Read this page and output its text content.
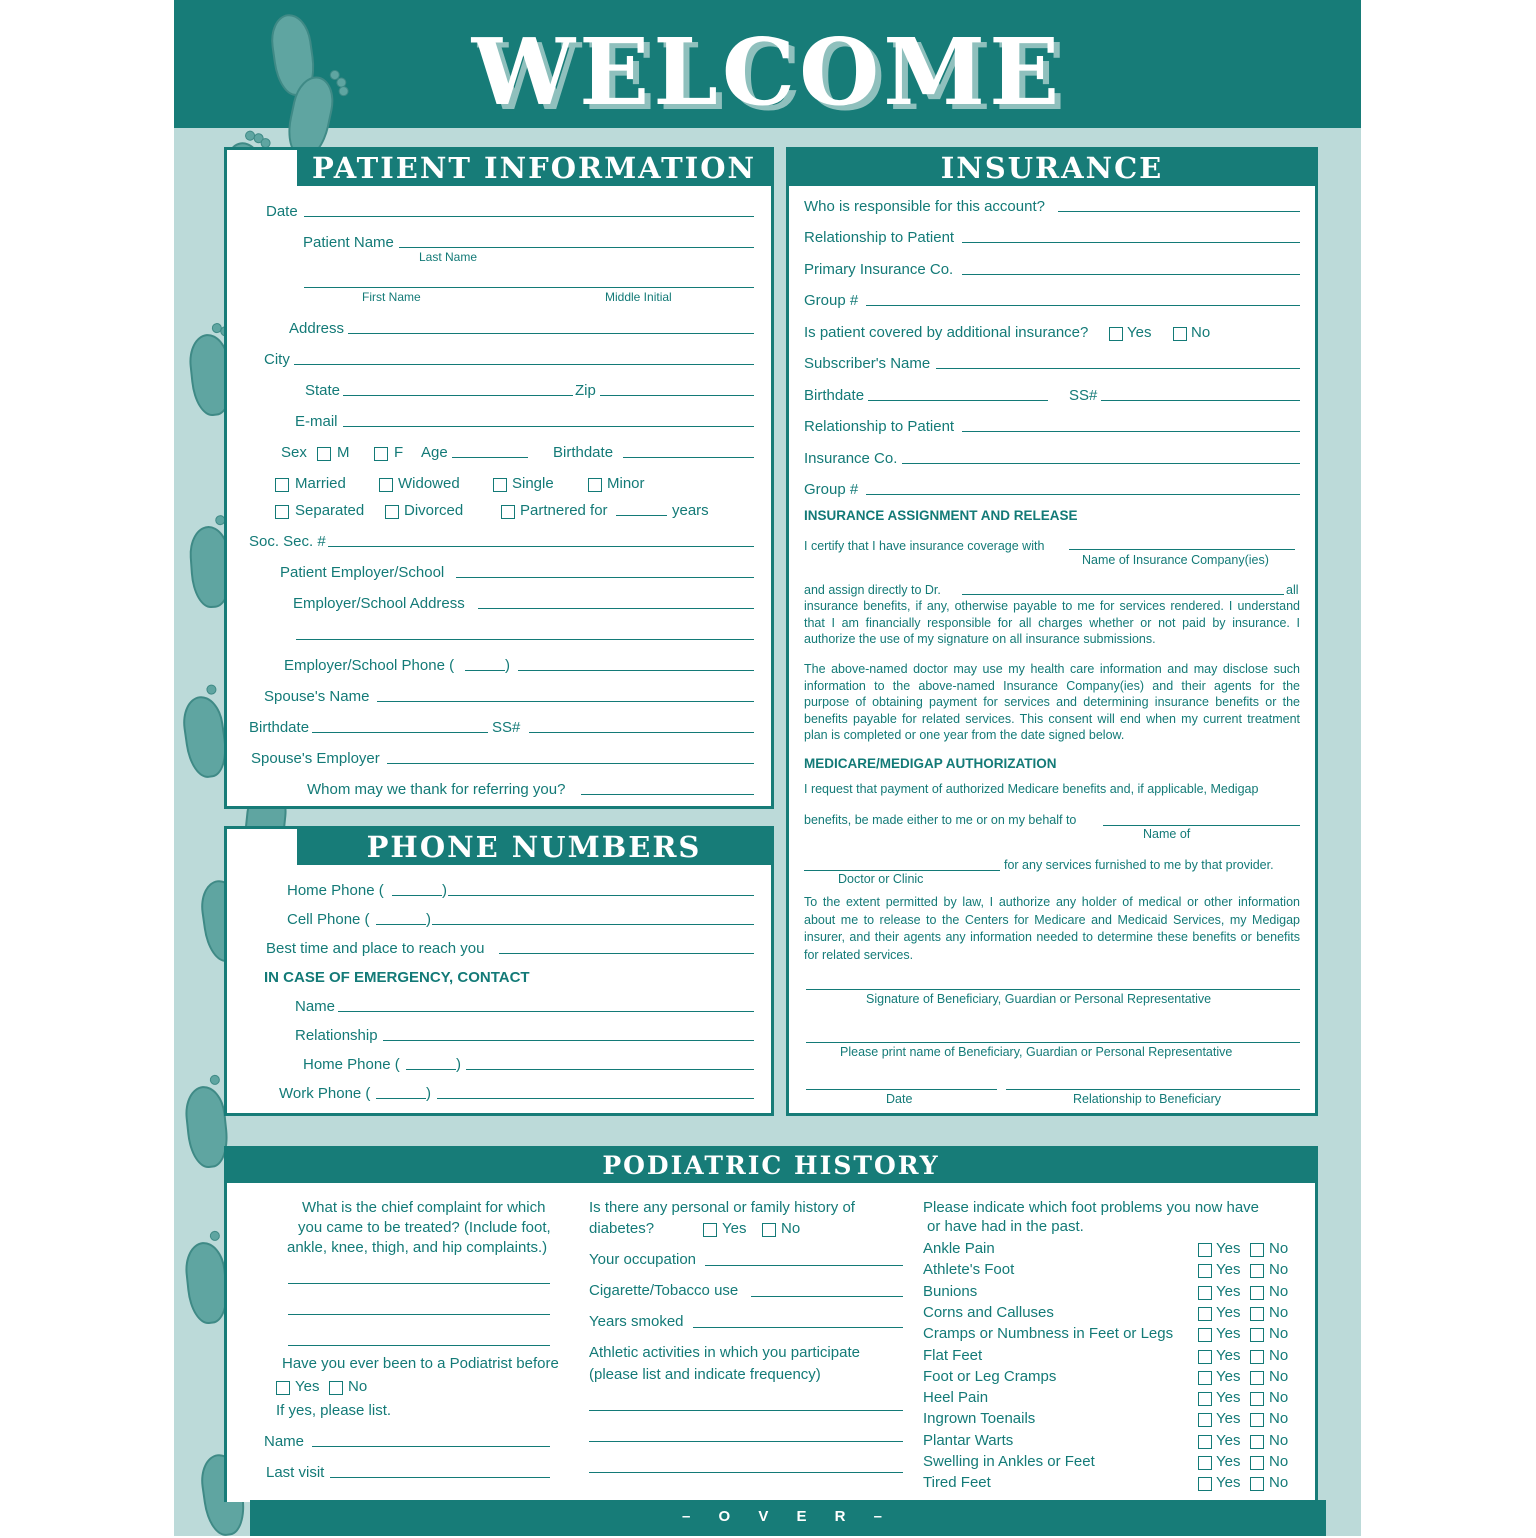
WELCOME
PATIENT INFORMATION
PHONE NUMBERS
INSURANCE
PODIATRIC HISTORY
– O V E R –
Date
Patient Name
Last Name
First Name	Middle Initial
Address
City
State	Zip
E-mail
Sex M	F Age	Birthdate
Married	Widowed	Single	Minor
Separated	Divorced	Partnered for	years
Soc. Sec. #
Patient Employer/School
Employer/School Address
Employer/School Phone (	)
Spouse's Name
Birthdate	SS#
Spouse's Employer
Whom may we thank for referring you?
Home Phone (	)
Cell Phone (	)
Best time and place to reach you
IN CASE OF EMERGENCY, CONTACT
Name
Relationship
Home Phone (	)
Work Phone (	)
Who is responsible for this account?
Relationship to Patient
Primary Insurance Co.
Group #
Is patient covered by additional insurance?	Yes	No
Subscriber's Name
Birthdate	SS#
Relationship to Patient
Insurance Co.
Group #
INSURANCE ASSIGNMENT AND RELEASE
I certify that I have insurance coverage with
Name of Insurance Company(ies)
and assign directly to Dr.	all
insurance benefits, if any, otherwise payable to me for services rendered. I understand that I am financially responsible for all charges whether or not paid by insurance. I authorize the use of my signature on all insurance submissions.
The above-named doctor may use my health care information and may disclose such information to the above-named Insurance Company(ies) and their agents for the purpose of obtaining payment for services and determining insurance benefits or the benefits payable for related services. This consent will end when my current treatment plan is completed or one year from the date signed below.
MEDICARE/MEDIGAP AUTHORIZATION
I request that payment of authorized Medicare benefits and, if applicable, Medigap
benefits, be made either to me or on my behalf to
Name of
for any services furnished to me by that provider.
Doctor or Clinic
To the extent permitted by law, I authorize any holder of medical or other information about me to release to the Centers for Medicare and Medicaid Services, my Medigap insurer, and their agents any information needed to determine these benefits or benefits for related services.
Signature of Beneficiary, Guardian or Personal Representative
Please print name of Beneficiary, Guardian or Personal Representative
Date	Relationship to Beneficiary
What is the chief complaint for which
you came to be treated? (Include foot,
ankle, knee, thigh, and hip complaints.)
Have you ever been to a Podiatrist before
Yes No
If yes, please list.
Name
Last visit
Is there any personal or family history of
diabetes?	Yes No
Your occupation
Cigarette/Tobacco use
Years smoked
Athletic activities in which you participate
(please list and indicate frequency)
Please indicate which foot problems you now have
or have had in the past.
Ankle Pain	Yes No
Athlete's Foot	Yes No
Bunions	Yes No
Corns and Calluses	Yes No
Cramps or Numbness in Feet or Legs	Yes No
Flat Feet	Yes No
Foot or Leg Cramps	Yes No
Heel Pain	Yes No
Ingrown Toenails	Yes No
Plantar Warts	Yes No
Swelling in Ankles or Feet	Yes No
Tired Feet	Yes No
